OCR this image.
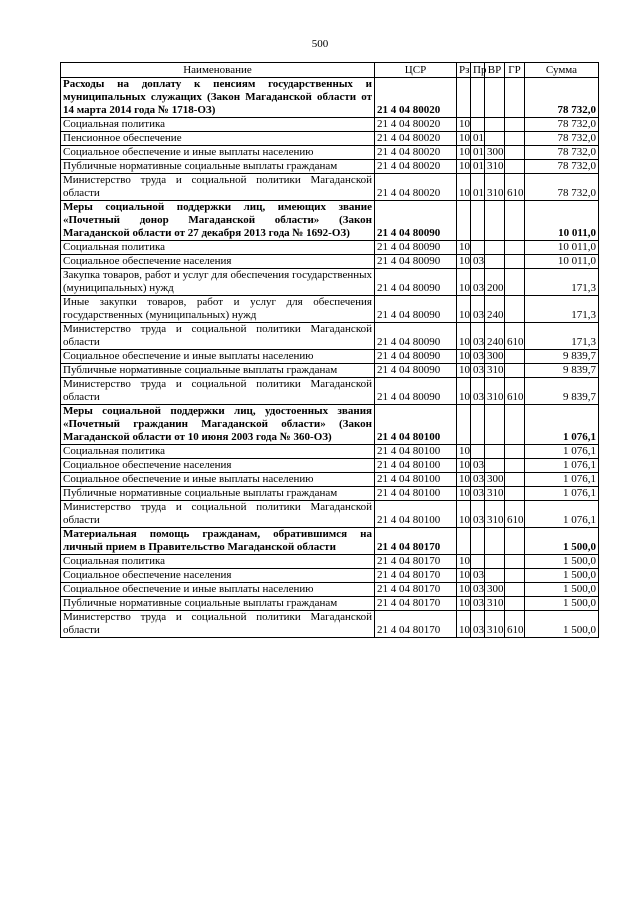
500
Наименование	ЦСР	Рз	Пр	ВР	ГР	Сумма
Расходы на доплату к пенсиям государственных и муниципальных служащих (Закон Магаданской области от 14 марта 2014 года № 1718-ОЗ)	21 4 04 80020					78 732,0
Социальная политика	21 4 04 80020	10				78 732,0
Пенсионное обеспечение	21 4 04 80020	10	01			78 732,0
Социальное обеспечение и иные выплаты населению	21 4 04 80020	10	01	300		78 732,0
Публичные нормативные социальные выплаты гражданам	21 4 04 80020	10	01	310		78 732,0
Министерство труда и социальной политики Магаданской области	21 4 04 80020	10	01	310	610	78 732,0
Меры социальной поддержки лиц, имеющих звание «Почетный донор Магаданской области» (Закон Магаданской области от 27 декабря 2013 года № 1692-ОЗ)	21 4 04 80090					10 011,0
Социальная политика	21 4 04 80090	10				10 011,0
Социальное обеспечение населения	21 4 04 80090	10	03			10 011,0
Закупка товаров, работ и услуг для обеспечения государственных (муниципальных) нужд	21 4 04 80090	10	03	200		171,3
Иные закупки товаров, работ и услуг для обеспечения государственных (муниципальных) нужд	21 4 04 80090	10	03	240		171,3
Министерство труда и социальной политики Магаданской области	21 4 04 80090	10	03	240	610	171,3
Социальное обеспечение и иные выплаты населению	21 4 04 80090	10	03	300		9 839,7
Публичные нормативные социальные выплаты гражданам	21 4 04 80090	10	03	310		9 839,7
Министерство труда и социальной политики Магаданской области	21 4 04 80090	10	03	310	610	9 839,7
Меры социальной поддержки лиц, удостоенных звания «Почетный гражданин Магаданской области» (Закон Магаданской области от 10 июня 2003 года № 360-ОЗ)	21 4 04 80100					1 076,1
Социальная политика	21 4 04 80100	10				1 076,1
Социальное обеспечение населения	21 4 04 80100	10	03			1 076,1
Социальное обеспечение и иные выплаты населению	21 4 04 80100	10	03	300		1 076,1
Публичные нормативные социальные выплаты гражданам	21 4 04 80100	10	03	310		1 076,1
Министерство труда и социальной политики Магаданской области	21 4 04 80100	10	03	310	610	1 076,1
Материальная помощь гражданам, обратившимся на личный прием в Правительство Магаданской области	21 4 04 80170					1 500,0
Социальная политика	21 4 04 80170	10				1 500,0
Социальное обеспечение населения	21 4 04 80170	10	03			1 500,0
Социальное обеспечение и иные выплаты населению	21 4 04 80170	10	03	300		1 500,0
Публичные нормативные социальные выплаты гражданам	21 4 04 80170	10	03	310		1 500,0
Министерство труда и социальной политики Магаданской области	21 4 04 80170	10	03	310	610	1 500,0
